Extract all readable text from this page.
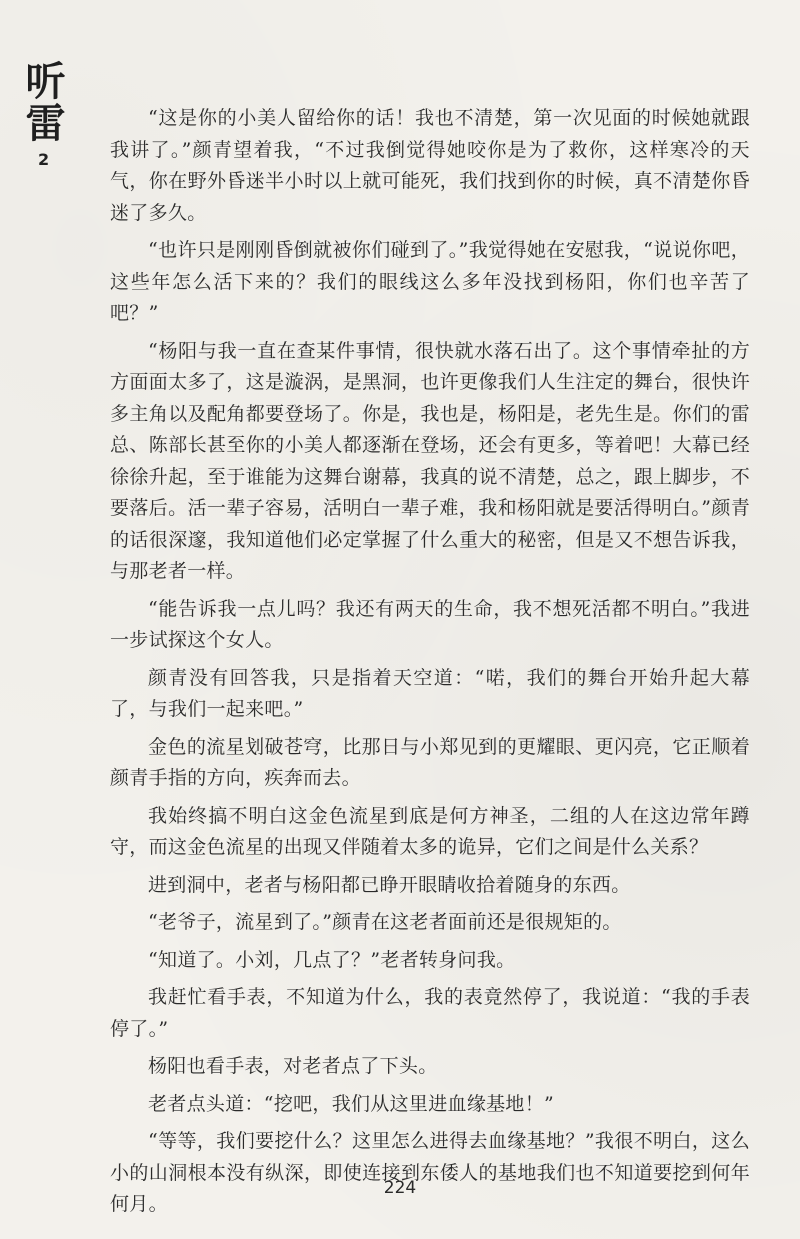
听雷
2

“这是你的小美人留给你的话！我也不清楚，第一次见面的时候她就跟我讲了。”颜青望着我，“不过我倒觉得她咬你是为了救你，这样寒冷的天气，你在野外昏迷半小时以上就可能死，我们找到你的时候，真不清楚你昏迷了多久。

“也许只是刚刚昏倒就被你们碰到了。”我觉得她在安慰我，“说说你吧，这些年怎么活下来的？我们的眼线这么多年没找到杨阳，你们也辛苦了吧？”

“杨阳与我一直在查某件事情，很快就水落石出了。这个事情牵扯的方方面面太多了，这是漩涡，是黑洞，也许更像我们人生注定的舞台，很快许多主角以及配角都要登场了。你是，我也是，杨阳是，老先生是。你们的雷总、陈部长甚至你的小美人都逐渐在登场，还会有更多，等着吧！大幕已经徐徐升起，至于谁能为这舞台谢幕，我真的说不清楚，总之，跟上脚步，不要落后。活一辈子容易，活明白一辈子难，我和杨阳就是要活得明白。”颜青的话很深邃，我知道他们必定掌握了什么重大的秘密，但是又不想告诉我，与那老者一样。

“能告诉我一点儿吗？我还有两天的生命，我不想死活都不明白。”我进一步试探这个女人。

颜青没有回答我，只是指着天空道：“喏，我们的舞台开始升起大幕了，与我们一起来吧。”

金色的流星划破苍穹，比那日与小郑见到的更耀眼、更闪亮，它正顺着颜青手指的方向，疾奔而去。

我始终搞不明白这金色流星到底是何方神圣，二组的人在这边常年蹲守，而这金色流星的出现又伴随着太多的诡异，它们之间是什么关系？

进到洞中，老者与杨阳都已睁开眼睛收拾着随身的东西。

“老爷子，流星到了。”颜青在这老者面前还是很规矩的。

“知道了。小刘，几点了？”老者转身问我。

我赶忙看手表，不知道为什么，我的表竟然停了，我说道：“我的手表停了。”

杨阳也看手表，对老者点了下头。

老者点头道：“挖吧，我们从这里进血缘基地！”

“等等，我们要挖什么？这里怎么进得去血缘基地？”我很不明白，这么小的山洞根本没有纵深，即使连接到东倭人的基地我们也不知道要挖到何年何月。

224
